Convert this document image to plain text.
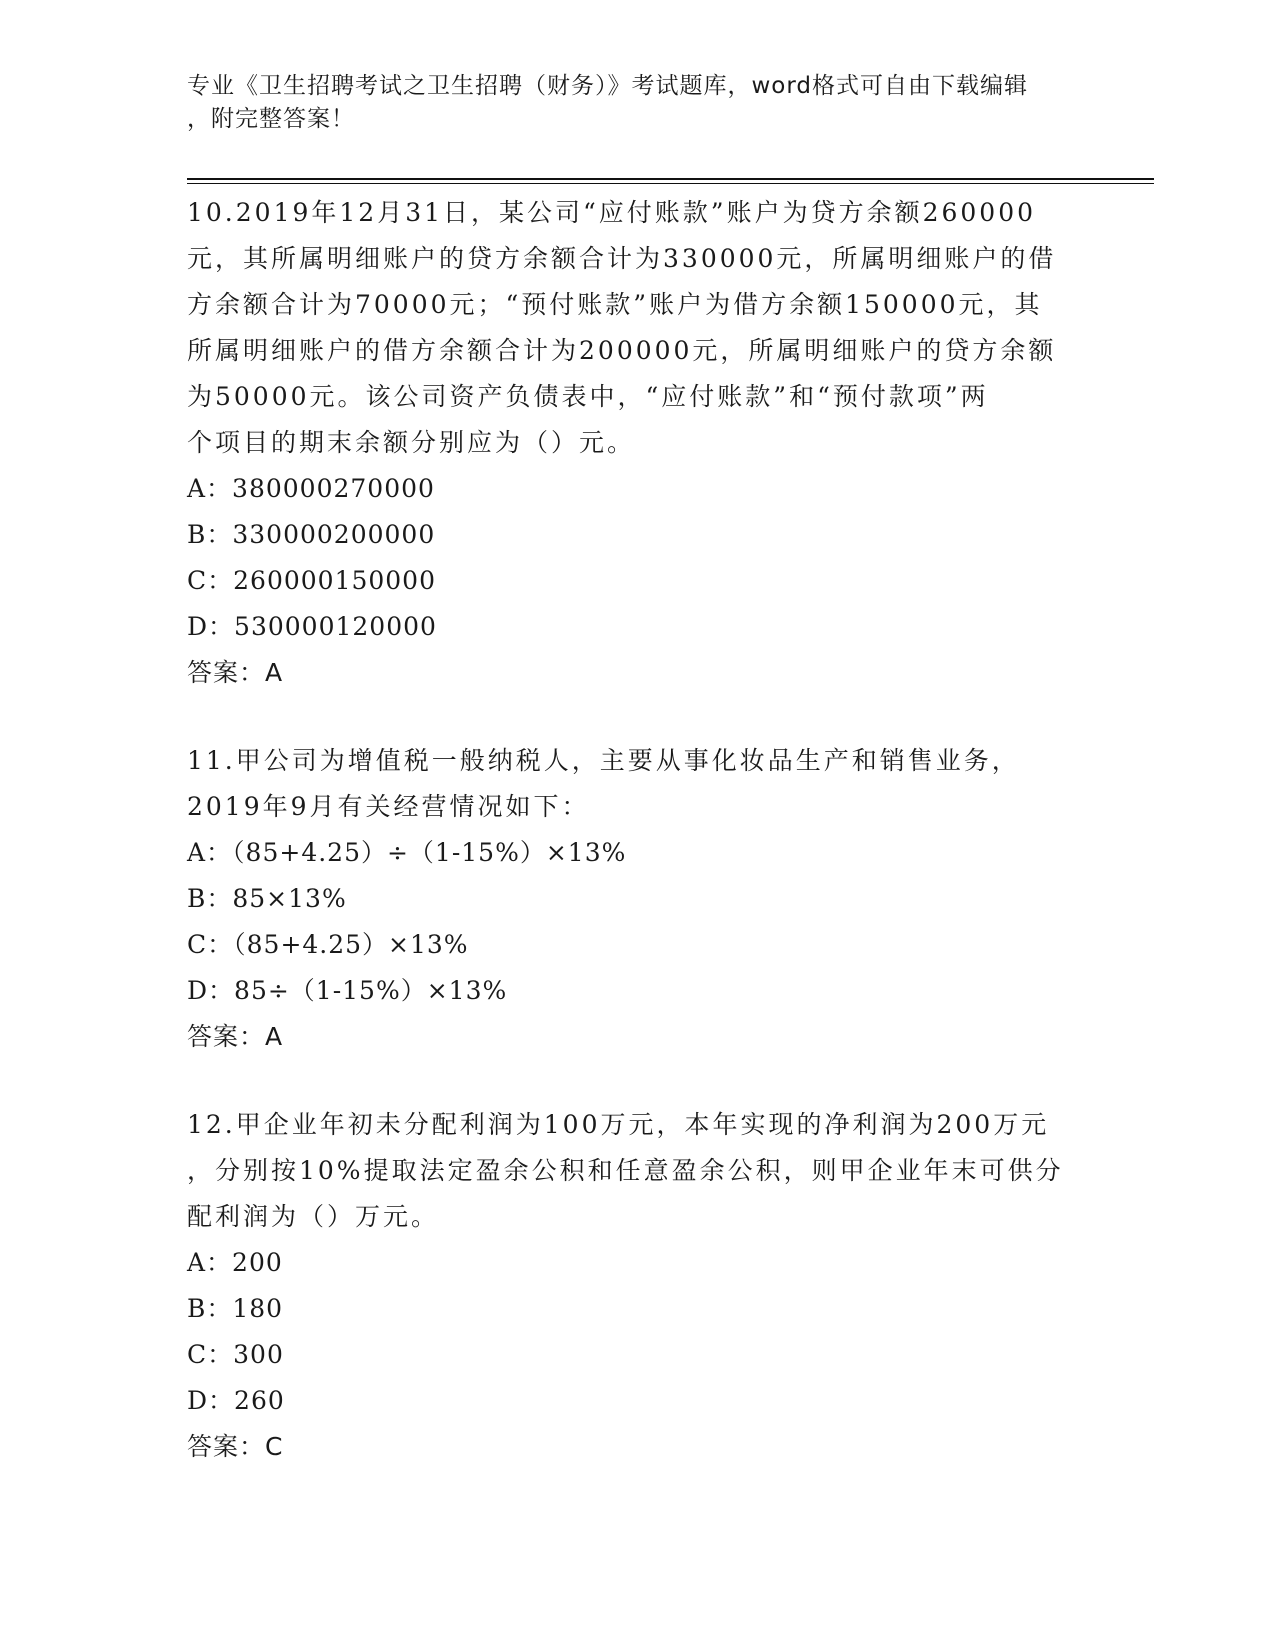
专业《卫生招聘考试之卫生招聘（财务）》考试题库，word格式可自由下载编辑
，附完整答案！
10.2019年12月31日，某公司“应付账款”账户为贷方余额260000
元，其所属明细账户的贷方余额合计为330000元，所属明细账户的借
方余额合计为70000元；“预付账款”账户为借方余额150000元，其
所属明细账户的借方余额合计为200000元，所属明细账户的贷方余额
为50000元。该公司资产负债表中，“应付账款”和“预付款项”两
个项目的期末余额分别应为（）元。
A：380000270000
B：330000200000
C：260000150000
D：530000120000
答案：A
11.甲公司为增值税一般纳税人，主要从事化妆品生产和销售业务，
2019年9月有关经营情况如下：
A：（85+4.25）÷（1-15%）×13%
B：85×13%
C：（85+4.25）×13%
D：85÷（1-15%）×13%
答案：A
12.甲企业年初未分配利润为100万元，本年实现的净利润为200万元
，分别按10%提取法定盈余公积和任意盈余公积，则甲企业年末可供分
配利润为（）万元。
A：200
B：180
C：300
D：260
答案：C
